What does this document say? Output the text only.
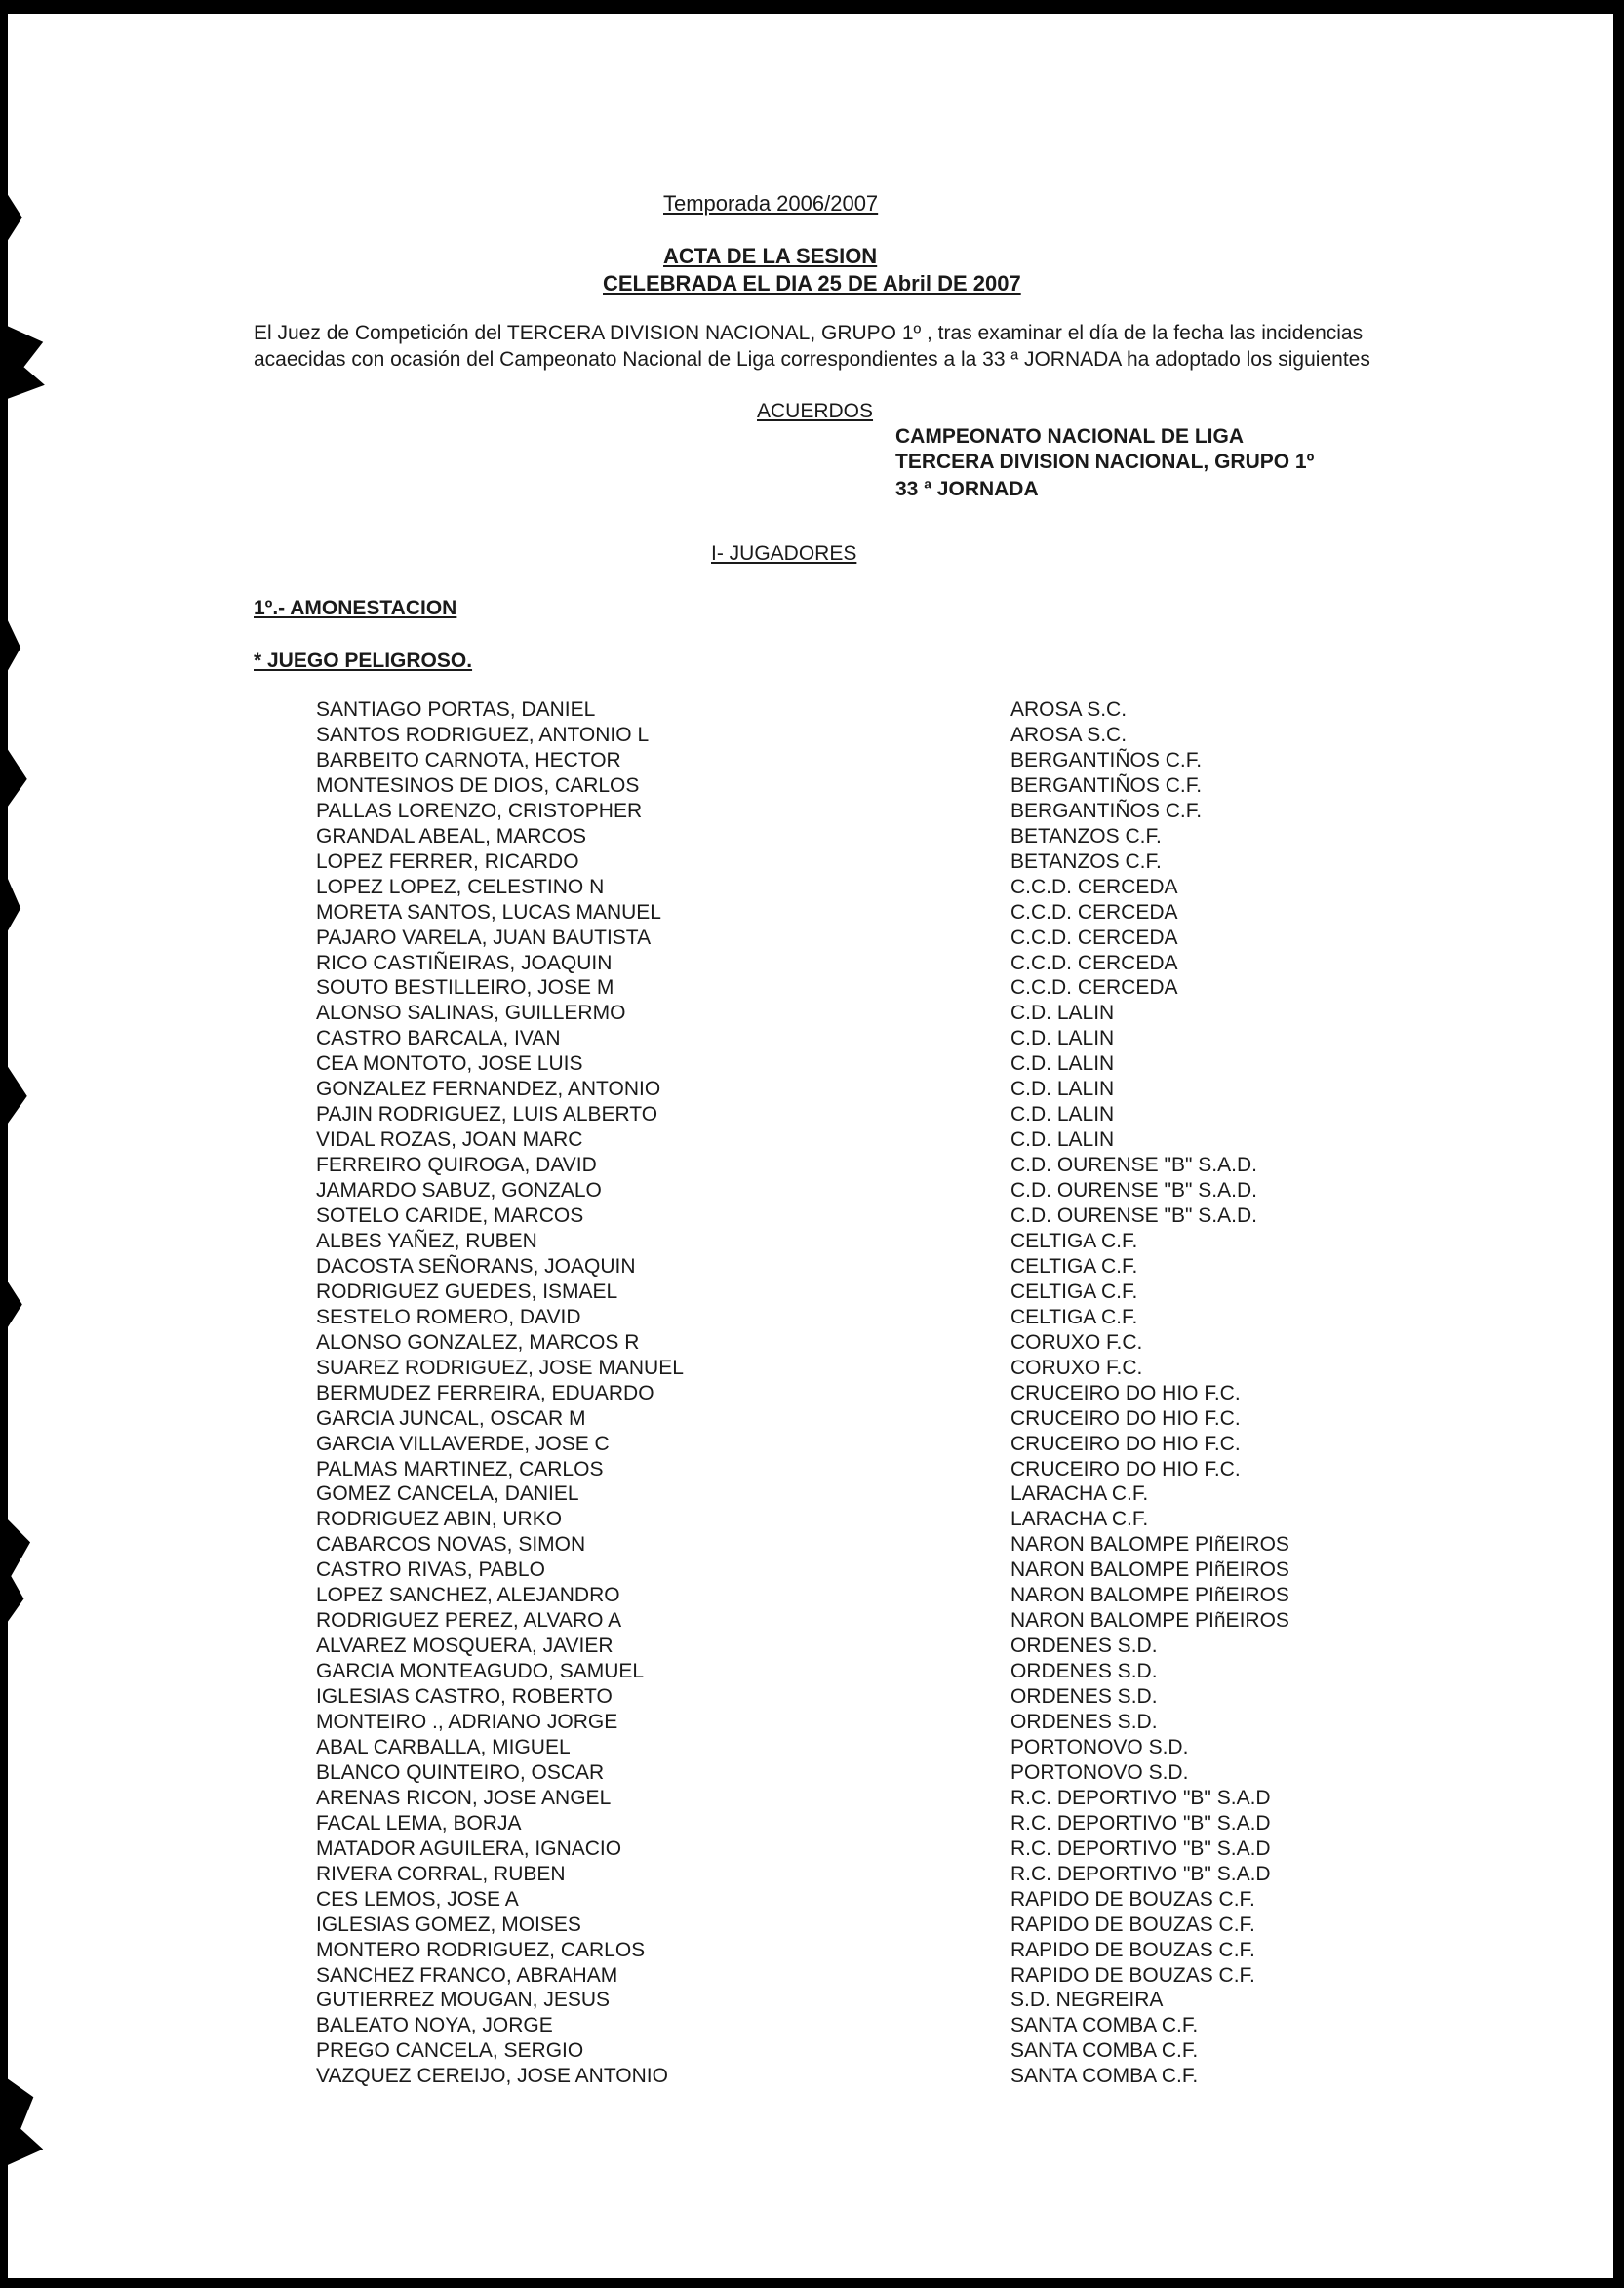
Temporada 2006/2007
ACTA DE LA SESION
CELEBRADA EL DIA 25 DE Abril DE 2007
El Juez de Competición del TERCERA DIVISION NACIONAL, GRUPO 1º , tras examinar el día de la fecha las incidencias
acaecidas con ocasión del Campeonato Nacional de Liga correspondientes a la 33 ª JORNADA ha adoptado los siguientes
ACUERDOS
CAMPEONATO NACIONAL DE LIGA
TERCERA DIVISION NACIONAL, GRUPO 1º
33 ª JORNADA
I- JUGADORES
1º.- AMONESTACION
* JUEGO PELIGROSO.
SANTIAGO PORTAS, DANIEL	AROSA S.C.
SANTOS RODRIGUEZ, ANTONIO L	AROSA S.C.
BARBEITO CARNOTA, HECTOR	BERGANTIÑOS C.F.
MONTESINOS DE DIOS, CARLOS	BERGANTIÑOS C.F.
PALLAS LORENZO, CRISTOPHER	BERGANTIÑOS C.F.
GRANDAL ABEAL, MARCOS	BETANZOS C.F.
LOPEZ FERRER, RICARDO	BETANZOS C.F.
LOPEZ LOPEZ, CELESTINO N	C.C.D. CERCEDA
MORETA SANTOS, LUCAS MANUEL	C.C.D. CERCEDA
PAJARO VARELA, JUAN BAUTISTA	C.C.D. CERCEDA
RICO CASTIÑEIRAS, JOAQUIN	C.C.D. CERCEDA
SOUTO BESTILLEIRO, JOSE M	C.C.D. CERCEDA
ALONSO SALINAS, GUILLERMO	C.D. LALIN
CASTRO BARCALA, IVAN	C.D. LALIN
CEA MONTOTO, JOSE LUIS	C.D. LALIN
GONZALEZ FERNANDEZ, ANTONIO	C.D. LALIN
PAJIN RODRIGUEZ, LUIS ALBERTO	C.D. LALIN
VIDAL ROZAS, JOAN MARC	C.D. LALIN
FERREIRO QUIROGA, DAVID	C.D. OURENSE "B" S.A.D.
JAMARDO SABUZ, GONZALO	C.D. OURENSE "B" S.A.D.
SOTELO CARIDE, MARCOS	C.D. OURENSE "B" S.A.D.
ALBES YAÑEZ, RUBEN	CELTIGA C.F.
DACOSTA SEÑORANS, JOAQUIN	CELTIGA C.F.
RODRIGUEZ GUEDES, ISMAEL	CELTIGA C.F.
SESTELO ROMERO, DAVID	CELTIGA C.F.
ALONSO GONZALEZ, MARCOS R	CORUXO F.C.
SUAREZ RODRIGUEZ, JOSE MANUEL	CORUXO F.C.
BERMUDEZ FERREIRA, EDUARDO	CRUCEIRO DO HIO F.C.
GARCIA JUNCAL, OSCAR M	CRUCEIRO DO HIO F.C.
GARCIA VILLAVERDE, JOSE C	CRUCEIRO DO HIO F.C.
PALMAS MARTINEZ, CARLOS	CRUCEIRO DO HIO F.C.
GOMEZ CANCELA, DANIEL	LARACHA C.F.
RODRIGUEZ ABIN, URKO	LARACHA C.F.
CABARCOS NOVAS, SIMON	NARON BALOMPE PIñEIROS
CASTRO RIVAS, PABLO	NARON BALOMPE PIñEIROS
LOPEZ SANCHEZ, ALEJANDRO	NARON BALOMPE PIñEIROS
RODRIGUEZ PEREZ, ALVARO A	NARON BALOMPE PIñEIROS
ALVAREZ MOSQUERA, JAVIER	ORDENES S.D.
GARCIA MONTEAGUDO, SAMUEL	ORDENES S.D.
IGLESIAS CASTRO, ROBERTO	ORDENES S.D.
MONTEIRO ., ADRIANO JORGE	ORDENES S.D.
ABAL CARBALLA, MIGUEL	PORTONOVO S.D.
BLANCO QUINTEIRO, OSCAR	PORTONOVO S.D.
ARENAS RICON, JOSE ANGEL	R.C. DEPORTIVO "B" S.A.D
FACAL LEMA, BORJA	R.C. DEPORTIVO "B" S.A.D
MATADOR AGUILERA, IGNACIO	R.C. DEPORTIVO "B" S.A.D
RIVERA CORRAL, RUBEN	R.C. DEPORTIVO "B" S.A.D
CES LEMOS, JOSE A	RAPIDO DE BOUZAS C.F.
IGLESIAS GOMEZ, MOISES	RAPIDO DE BOUZAS C.F.
MONTERO RODRIGUEZ, CARLOS	RAPIDO DE BOUZAS C.F.
SANCHEZ FRANCO, ABRAHAM	RAPIDO DE BOUZAS C.F.
GUTIERREZ MOUGAN, JESUS	S.D. NEGREIRA
BALEATO NOYA, JORGE	SANTA COMBA C.F.
PREGO CANCELA, SERGIO	SANTA COMBA C.F.
VAZQUEZ CEREIJO, JOSE ANTONIO	SANTA COMBA C.F.
